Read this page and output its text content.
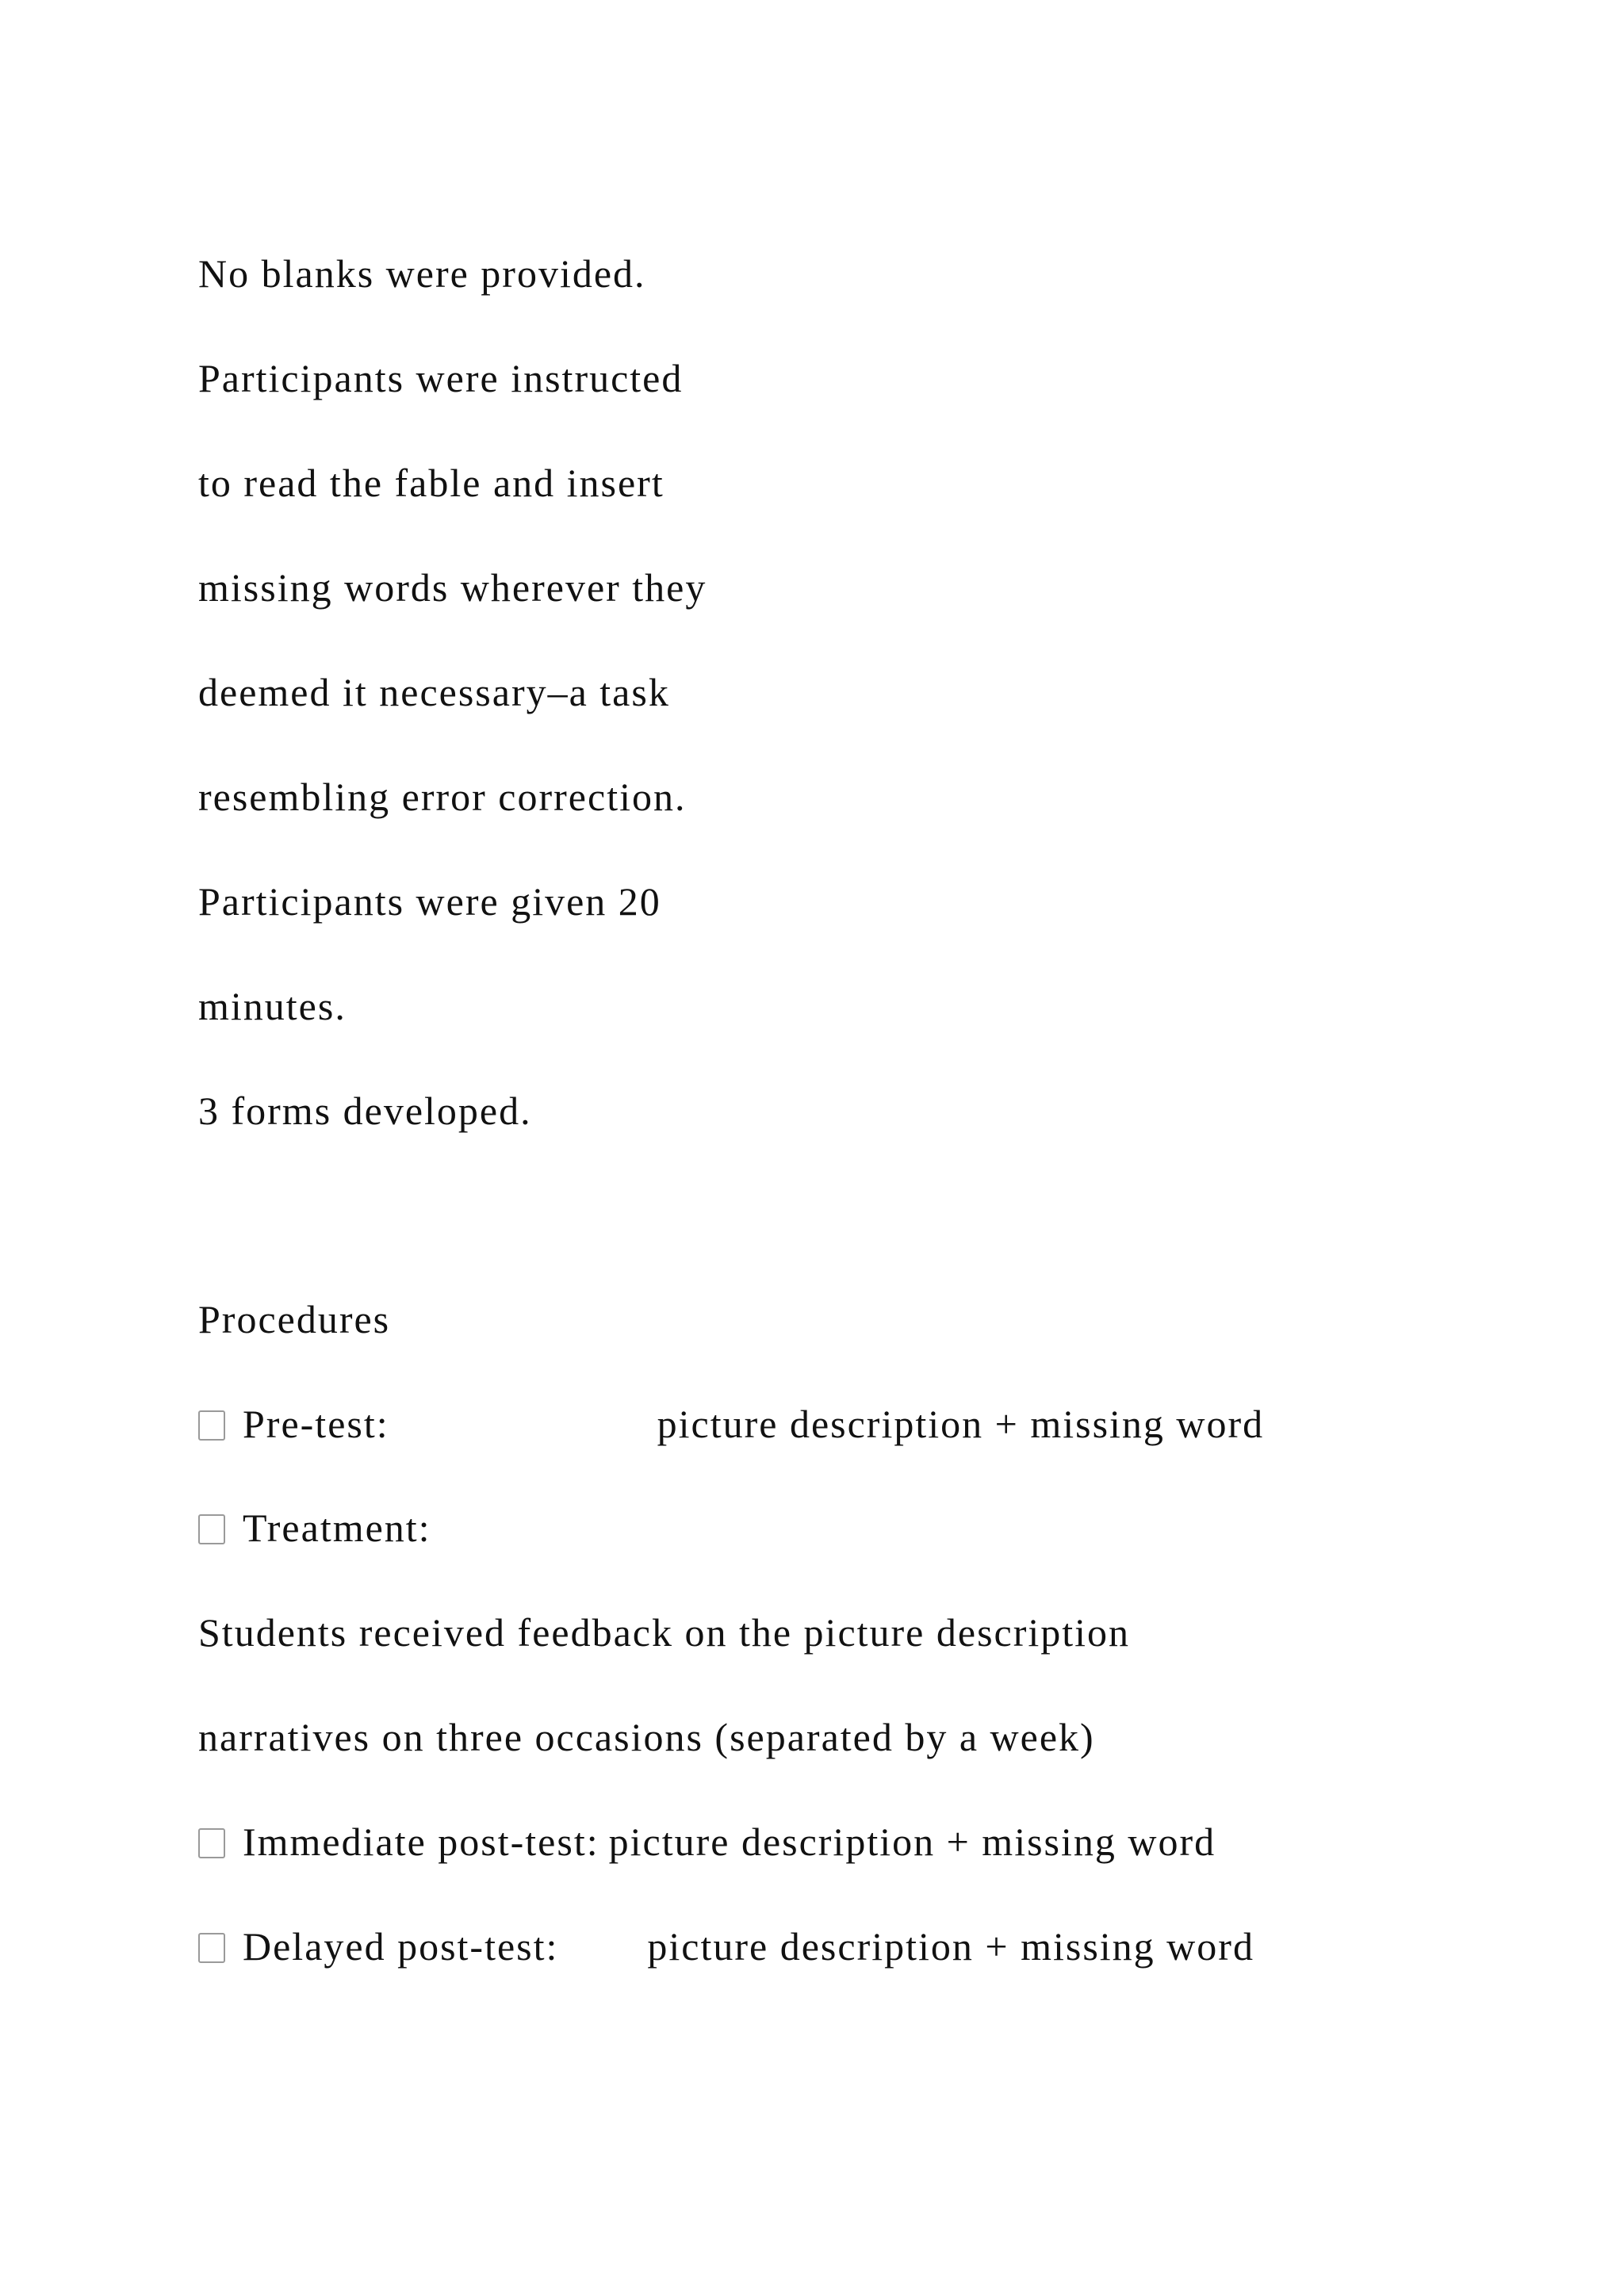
No blanks were provided.
Participants were instructed
to read the fable and insert
missing words wherever they
deemed it necessary–a task
resembling error correction.
Participants were given 20
minutes.
3 forms developed.
Procedures
Pre-test:	picture description + missing word
Treatment:
Students received feedback on the picture description
narratives on three occasions (separated by a week)
Immediate post-test: picture description + missing word
Delayed post-test: picture description + missing word
